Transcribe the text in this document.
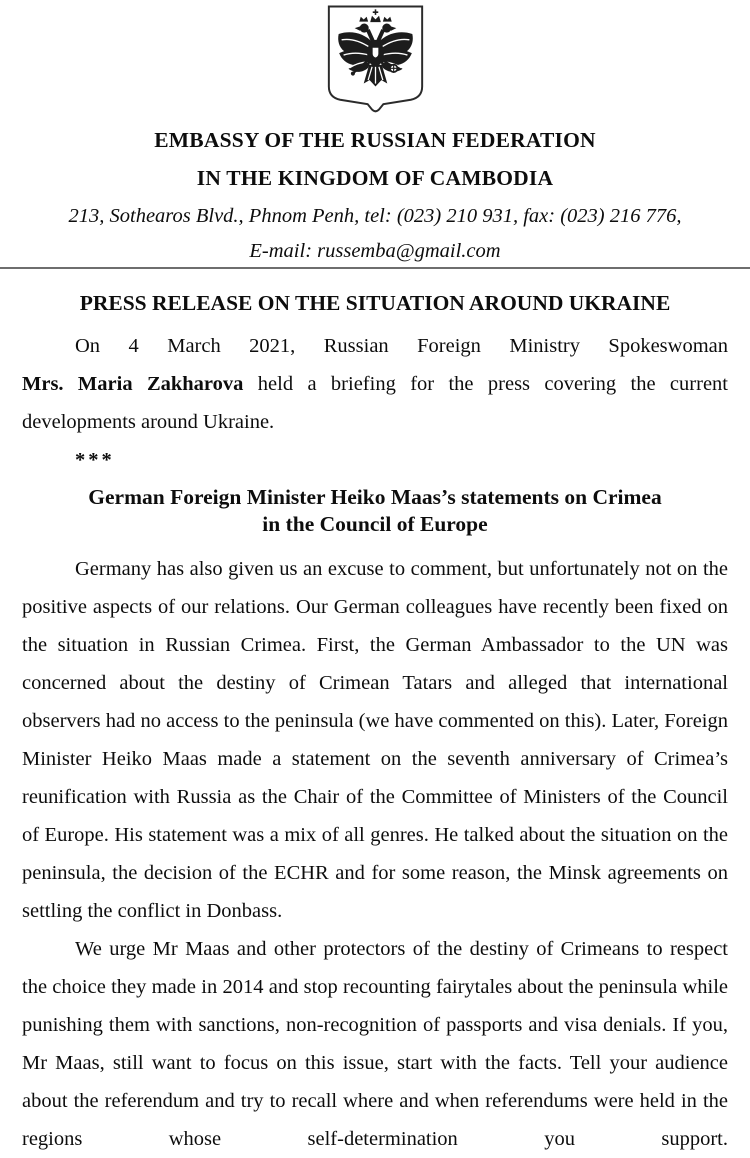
EMBASSY OF THE RUSSIAN FEDERATION
IN THE KINGDOM OF CAMBODIA
213, Sothearos Blvd., Phnom Penh, tel: (023) 210 931, fax: (023) 216 776,
E-mail: russemba@gmail.com
PRESS RELEASE ON THE SITUATION AROUND UKRAINE

On 4 March 2021, Russian Foreign Ministry Spokeswoman Mrs. Maria Zakharova held a briefing for the press covering the current developments around Ukraine.

***

German Foreign Minister Heiko Maas’s statements on Crimea
in the Council of Europe

Germany has also given us an excuse to comment, but unfortunately not on the positive aspects of our relations. Our German colleagues have recently been fixed on the situation in Russian Crimea. First, the German Ambassador to the UN was concerned about the destiny of Crimean Tatars and alleged that international observers had no access to the peninsula (we have commented on this). Later, Foreign Minister Heiko Maas made a statement on the seventh anniversary of Crimea’s reunification with Russia as the Chair of the Committee of Ministers of the Council of Europe. His statement was a mix of all genres. He talked about the situation on the peninsula, the decision of the ECHR and for some reason, the Minsk agreements on settling the conflict in Donbass.

We urge Mr Maas and other protectors of the destiny of Crimeans to respect the choice they made in 2014 and stop recounting fairytales about the peninsula while punishing them with sanctions, non-recognition of passports and visa denials. If you, Mr Maas, still want to focus on this issue, start with the facts. Tell your audience about the referendum and try to recall where and when referendums were held in the regions whose self-determination you support.
